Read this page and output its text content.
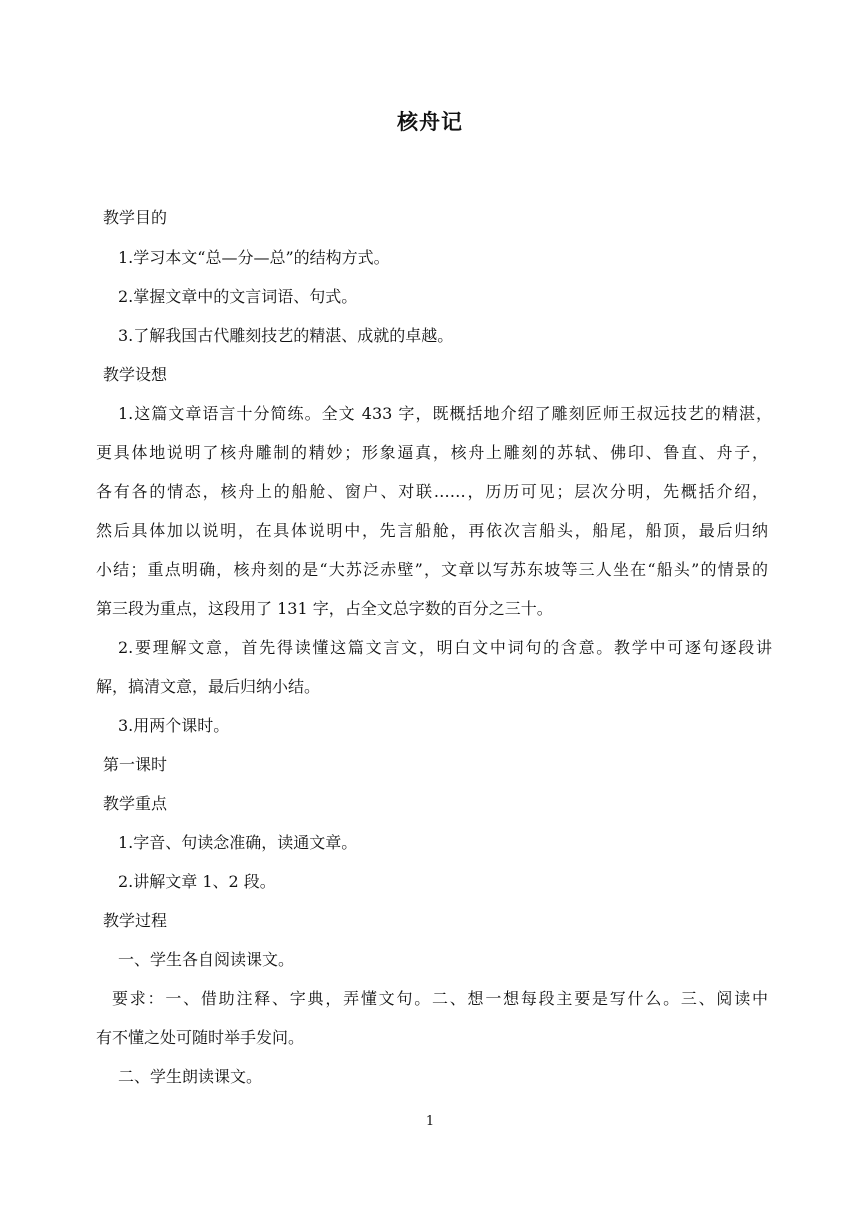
核舟记
教学目的
1.学习本文“总—分—总”的结构方式。
2.掌握文章中的文言词语、句式。
3.了解我国古代雕刻技艺的精湛、成就的卓越。
教学设想
1.这篇文章语言十分简练。全文 433 字，既概括地介绍了雕刻匠师王叔远技艺的精湛，
更具体地说明了核舟雕制的精妙；形象逼真，核舟上雕刻的苏轼、佛印、鲁直、舟子，
各有各的情态，核舟上的船舱、窗户、对联……，历历可见；层次分明，先概括介绍，
然后具体加以说明，在具体说明中，先言船舱，再依次言船头，船尾，船顶，最后归纳
小结；重点明确，核舟刻的是“大苏泛赤壁”，文章以写苏东坡等三人坐在“船头”的情景的
第三段为重点，这段用了 131 字，占全文总字数的百分之三十。
2.要理解文意，首先得读懂这篇文言文，明白文中词句的含意。教学中可逐句逐段讲
解，搞清文意，最后归纳小结。
3.用两个课时。
第一课时
教学重点
1.字音、句读念准确，读通文章。
2.讲解文章 1、2 段。
教学过程
一、学生各自阅读课文。
要求：一、借助注释、字典，弄懂文句。二、想一想每段主要是写什么。三、阅读中
有不懂之处可随时举手发问。
二、学生朗读课文。
1
